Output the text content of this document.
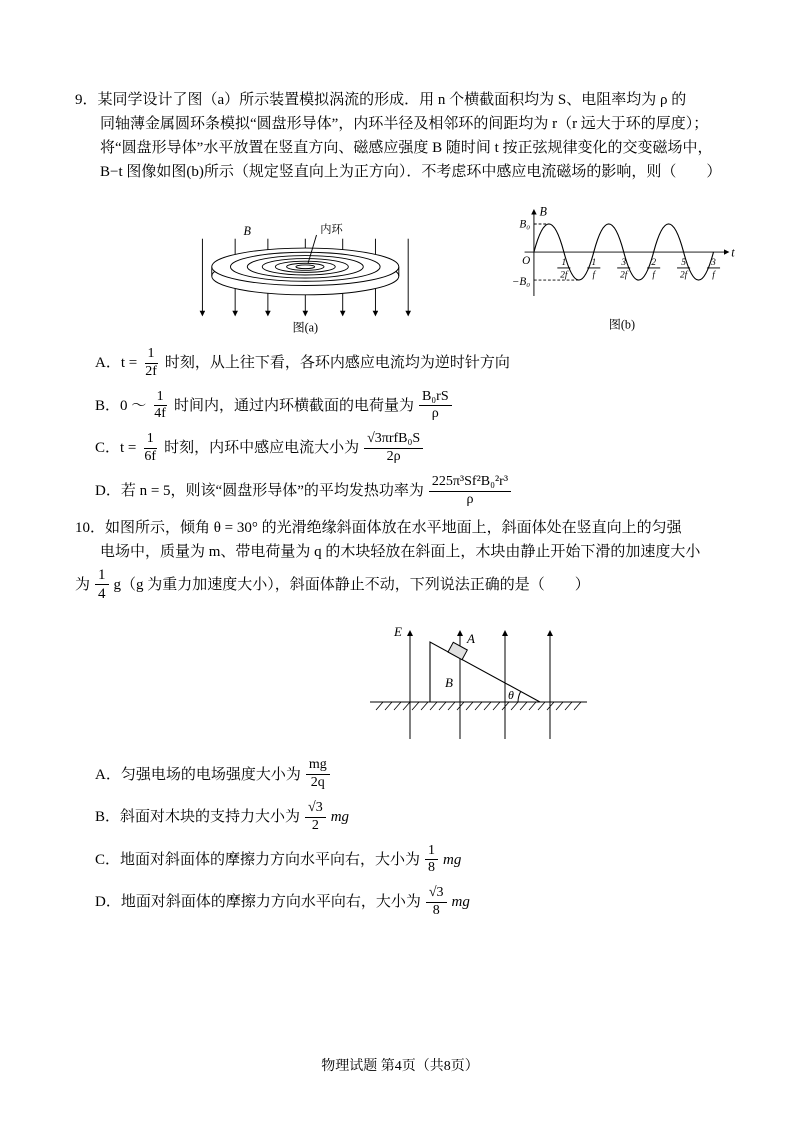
9．某同学设计了图（a）所示装置模拟涡流的形成．用 n 个横截面积均为 S、电阻率均为 ρ 的
同轴薄金属圆环条模拟“圆盘形导体”，内环半径及相邻环的间距均为 r（r 远大于环的厚度）；
将“圆盘形导体”水平放置在竖直方向、磁感应强度 B 随时间 t 按正弦规律变化的交变磁场中，
B−t 图像如图(b)所示（规定竖直向上为正方向）．不考虑环中感应电流磁场的影响，则（　　）
内环
B
图(a)
B
t
B₀
−B₀
O	1
2f
1
f
3
2f
2
f
5
2f
3
f
图(b)
A．$t = \frac{1}{2f}$ 时刻，从上往下看，各环内感应电流均为逆时针方向
B．0 ～ $\frac{1}{4f}$ 时间内，通过内环横截面的电荷量为 $\frac{\text{B₀rS}}{\rho}$
C．$t = \frac{1}{6f}$ 时刻，内环中感应电流大小为 $\frac{\text{√3πrfB₀S}}{2\rho}$
D．若 n = 5，则该“圆盘形导体”的平均发热功率为 $\frac{\text{225π³Sf²B₀²r³}}{\rho}$
10．如图所示，倾角 θ = 30° 的光滑绝缘斜面体放在水平地面上，斜面体处在竖直向上的匀强
电场中，质量为 m、带电荷量为 q 的木块轻放在斜面上，木块由静止开始下滑的加速度大小
为 $\frac{1}{4} g(g$ 为重力加速度大小），斜面体静止不动，下列说法正确的是（　　）
E	A
B
θ
A．匀强电场的电场强度大小为 $\frac{mg}{2q}$
B．斜面对木块的支持力大小为 $\frac{√3}{2}$ mg
C．地面对斜面体的摩擦力方向水平向右，大小为 $\frac{1}{8}$ mg
D．地面对斜面体的摩擦力方向水平向右，大小为 $\frac{√3}{8}$ mg
物理试题 第4页（共8页）
